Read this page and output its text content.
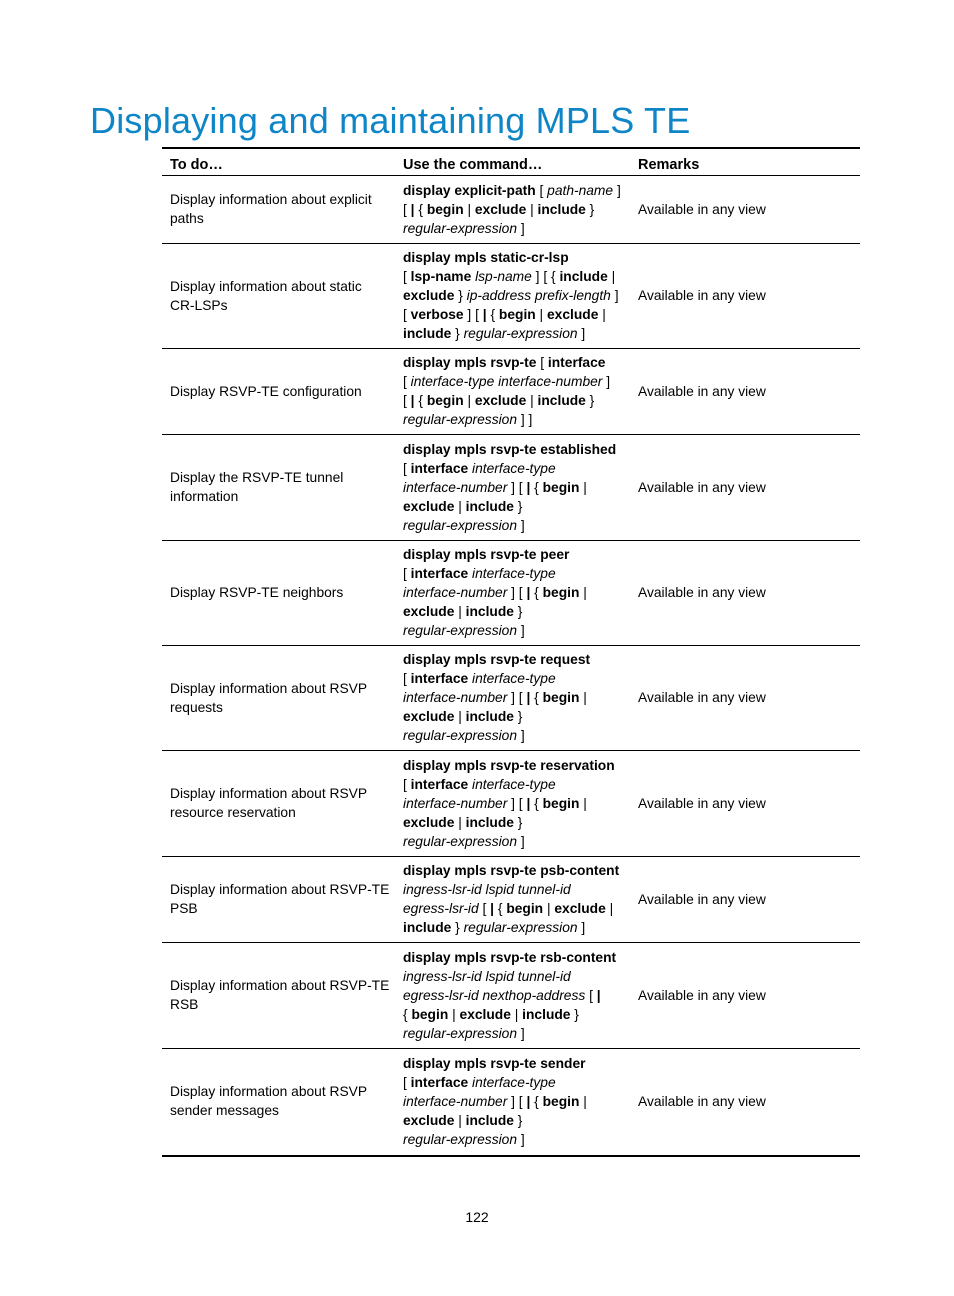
Displaying and maintaining MPLS TE
To do…	Use the command…	Remarks

Display information about explicit
paths	display explicit-path [ path-name ]
[ | { begin | exclude | include }
regular-expression ]	Available in any view

Display information about static
CR-LSPs	display mpls static-cr-lsp
[ lsp-name lsp-name ] [ { include |
exclude } ip-address prefix-length ]
[ verbose ] [ | { begin | exclude |
include } regular-expression ]	Available in any view

Display RSVP-TE configuration	display mpls rsvp-te [ interface
[ interface-type interface-number ]
[ | { begin | exclude | include }
regular-expression ] ]	Available in any view

Display the RSVP-TE tunnel
information	display mpls rsvp-te established
[ interface interface-type
interface-number ] [ | { begin |
exclude | include }
regular-expression ]	Available in any view

Display RSVP-TE neighbors	display mpls rsvp-te peer
[ interface interface-type
interface-number ] [ | { begin |
exclude | include }
regular-expression ]	Available in any view

Display information about RSVP
requests	display mpls rsvp-te request
[ interface interface-type
interface-number ] [ | { begin |
exclude | include }
regular-expression ]	Available in any view

Display information about RSVP
resource reservation	display mpls rsvp-te reservation
[ interface interface-type
interface-number ] [ | { begin |
exclude | include }
regular-expression ]	Available in any view

Display information about RSVP-TE
PSB	display mpls rsvp-te psb-content
ingress-lsr-id lspid tunnel-id
egress-lsr-id [ | { begin | exclude |
include } regular-expression ]	Available in any view

Display information about RSVP-TE
RSB	display mpls rsvp-te rsb-content
ingress-lsr-id lspid tunnel-id
egress-lsr-id nexthop-address [ |
{ begin | exclude | include }
regular-expression ]	Available in any view

Display information about RSVP
sender messages	display mpls rsvp-te sender
[ interface interface-type
interface-number ] [ | { begin |
exclude | include }
regular-expression ]	Available in any view
122
